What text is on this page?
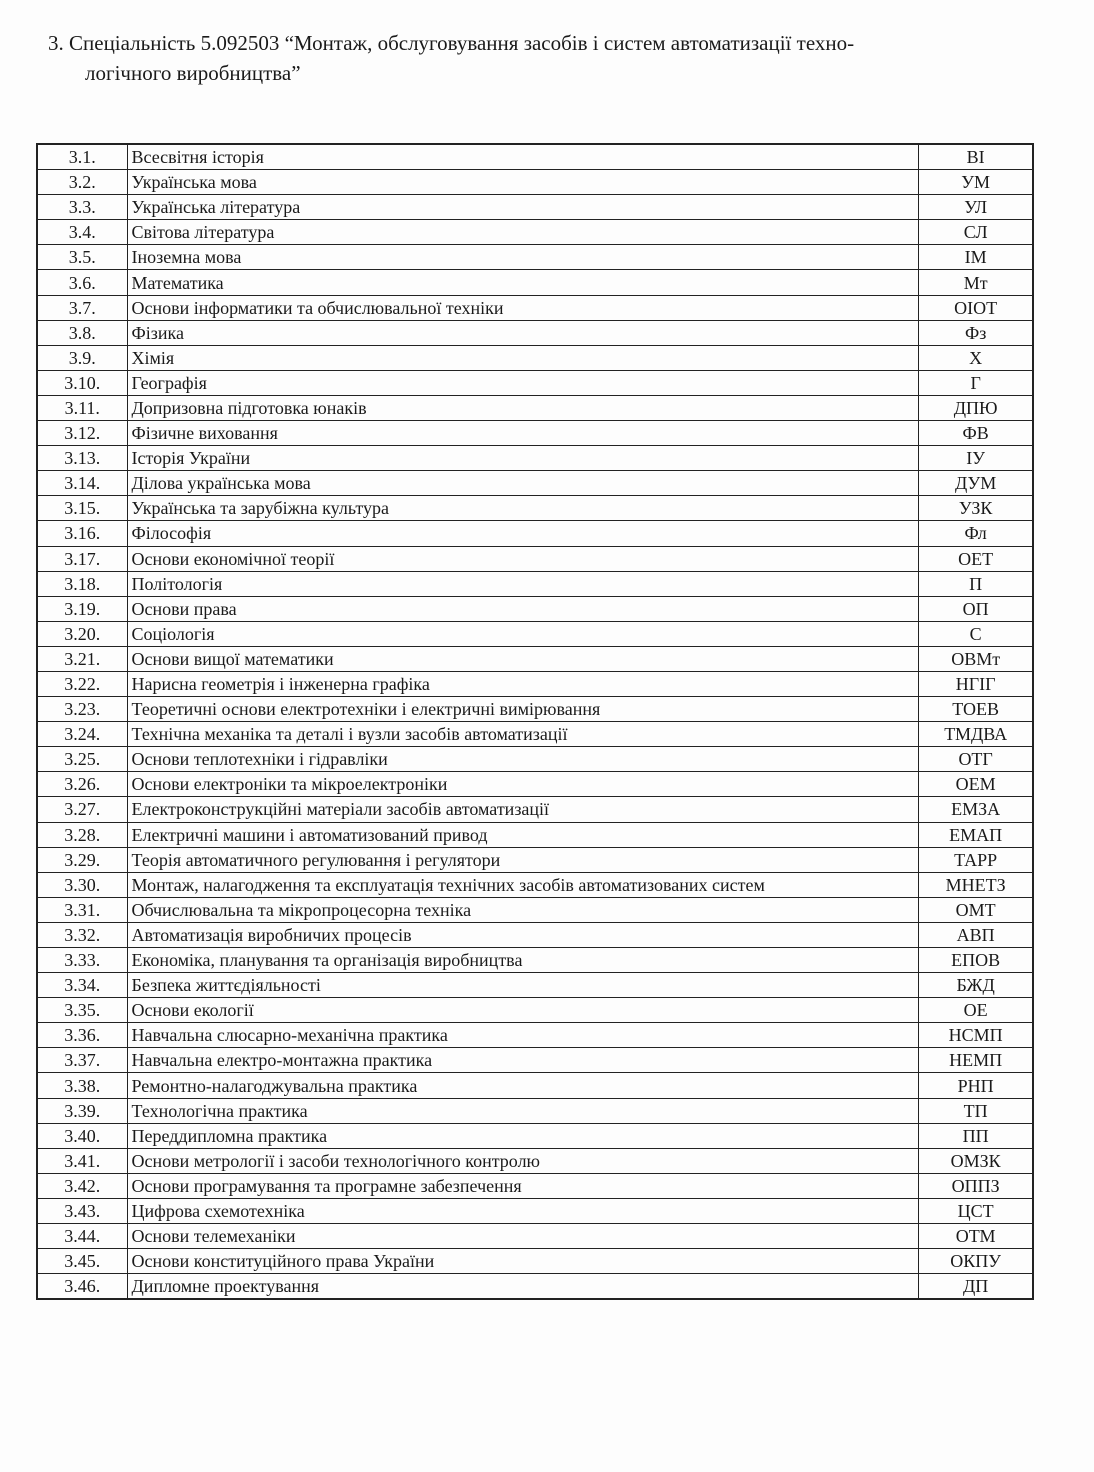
3. Спеціальність 5.092503 “Монтаж, обслуговування засобів і систем автоматизації техно-
логічного виробництва”
3.1.	Всесвітня історія	ВІ
3.2.	Українська мова	УМ
3.3.	Українська література	УЛ
3.4.	Світова література	СЛ
3.5.	Іноземна мова	ІМ
3.6.	Математика	Мт
3.7.	Основи інформатики та обчислювальної техніки	ОІОТ
3.8.	Фізика	Фз
3.9.	Хімія	Х
3.10.	Географія	Г
3.11.	Допризовна підготовка юнаків	ДПЮ
3.12.	Фізичне виховання	ФВ
3.13.	Історія України	ІУ
3.14.	Ділова українська мова	ДУМ
3.15.	Українська та зарубіжна культура	УЗК
3.16.	Філософія	Фл
3.17.	Основи економічної теорії	ОЕТ
3.18.	Політологія	П
3.19.	Основи права	ОП
3.20.	Соціологія	С
3.21.	Основи вищої математики	ОВМт
3.22.	Нарисна геометрія і інженерна графіка	НГІГ
3.23.	Теоретичні основи електротехніки і електричні вимірювання	ТОЕВ
3.24.	Технічна механіка та деталі і вузли засобів автоматизації	ТМДВА
3.25.	Основи теплотехніки і гідравліки	ОТГ
3.26.	Основи електроніки та мікроелектроніки	ОЕМ
3.27.	Електроконструкційні матеріали засобів автоматизації	ЕМЗА
3.28.	Електричні машини і автоматизований привод	ЕМАП
3.29.	Теорія автоматичного регулювання і регулятори	ТАРР
3.30.	Монтаж, налагодження та експлуатація технічних засобів автоматизованих систем	МНЕТЗ
3.31.	Обчислювальна та мікропроцесорна техніка	ОМТ
3.32.	Автоматизація виробничих процесів	АВП
3.33.	Економіка, планування та організація виробництва	ЕПОВ
3.34.	Безпека життєдіяльності	БЖД
3.35.	Основи екології	ОЕ
3.36.	Навчальна слюсарно-механічна практика	НСМП
3.37.	Навчальна електро-монтажна практика	НЕМП
3.38.	Ремонтно-налагоджувальна практика	РНП
3.39.	Технологічна практика	ТП
3.40.	Переддипломна практика	ПП
3.41.	Основи метрології і засоби технологічного контролю	ОМЗК
3.42.	Основи програмування та програмне забезпечення	ОППЗ
3.43.	Цифрова схемотехніка	ЦСТ
3.44.	Основи телемеханіки	ОТМ
3.45.	Основи конституційного права України	ОКПУ
3.46.	Дипломне проектування	ДП
